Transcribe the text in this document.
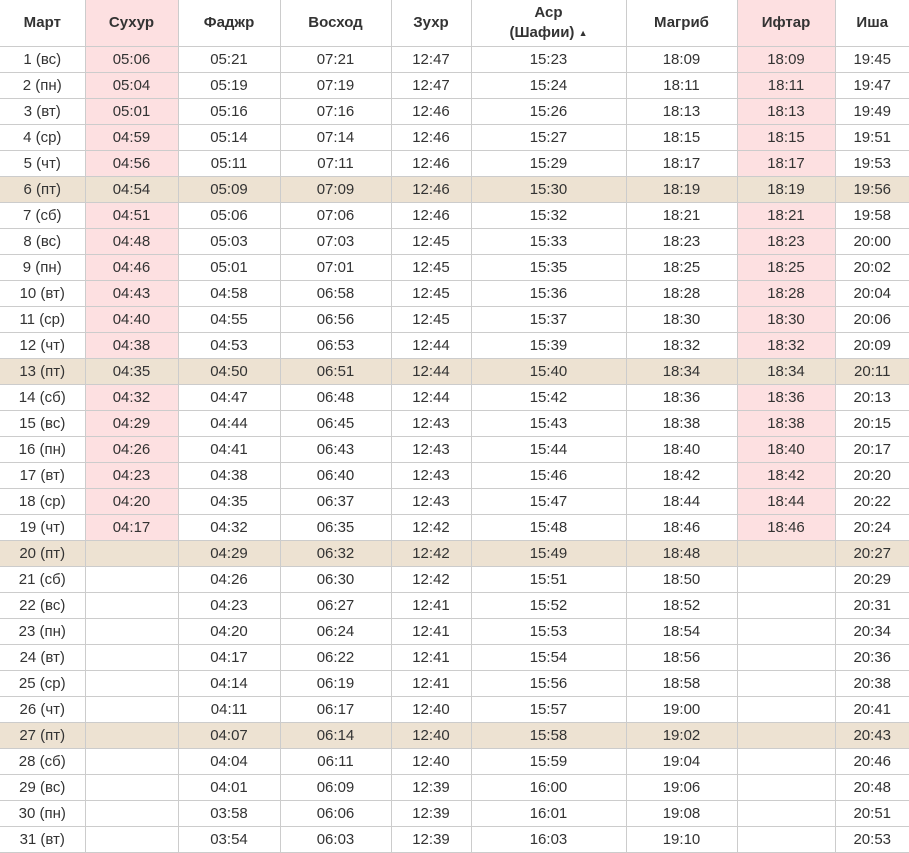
Март	Сухур	Фаджр	Восход	Зухр	Аср
(Шафии) ▲	Магриб	Ифтар	Иша
1 (вс)	05:06	05:21	07:21	12:47	15:23	18:09	18:09	19:45
2 (пн)	05:04	05:19	07:19	12:47	15:24	18:11	18:11	19:47
3 (вт)	05:01	05:16	07:16	12:46	15:26	18:13	18:13	19:49
4 (ср)	04:59	05:14	07:14	12:46	15:27	18:15	18:15	19:51
5 (чт)	04:56	05:11	07:11	12:46	15:29	18:17	18:17	19:53
6 (пт)	04:54	05:09	07:09	12:46	15:30	18:19	18:19	19:56
7 (сб)	04:51	05:06	07:06	12:46	15:32	18:21	18:21	19:58
8 (вс)	04:48	05:03	07:03	12:45	15:33	18:23	18:23	20:00
9 (пн)	04:46	05:01	07:01	12:45	15:35	18:25	18:25	20:02
10 (вт)	04:43	04:58	06:58	12:45	15:36	18:28	18:28	20:04
11 (ср)	04:40	04:55	06:56	12:45	15:37	18:30	18:30	20:06
12 (чт)	04:38	04:53	06:53	12:44	15:39	18:32	18:32	20:09
13 (пт)	04:35	04:50	06:51	12:44	15:40	18:34	18:34	20:11
14 (сб)	04:32	04:47	06:48	12:44	15:42	18:36	18:36	20:13
15 (вс)	04:29	04:44	06:45	12:43	15:43	18:38	18:38	20:15
16 (пн)	04:26	04:41	06:43	12:43	15:44	18:40	18:40	20:17
17 (вт)	04:23	04:38	06:40	12:43	15:46	18:42	18:42	20:20
18 (ср)	04:20	04:35	06:37	12:43	15:47	18:44	18:44	20:22
19 (чт)	04:17	04:32	06:35	12:42	15:48	18:46	18:46	20:24
20 (пт)		04:29	06:32	12:42	15:49	18:48		20:27
21 (сб)		04:26	06:30	12:42	15:51	18:50		20:29
22 (вс)		04:23	06:27	12:41	15:52	18:52		20:31
23 (пн)		04:20	06:24	12:41	15:53	18:54		20:34
24 (вт)		04:17	06:22	12:41	15:54	18:56		20:36
25 (ср)		04:14	06:19	12:41	15:56	18:58		20:38
26 (чт)		04:11	06:17	12:40	15:57	19:00		20:41
27 (пт)		04:07	06:14	12:40	15:58	19:02		20:43
28 (сб)		04:04	06:11	12:40	15:59	19:04		20:46
29 (вс)		04:01	06:09	12:39	16:00	19:06		20:48
30 (пн)		03:58	06:06	12:39	16:01	19:08		20:51
31 (вт)		03:54	06:03	12:39	16:03	19:10		20:53
